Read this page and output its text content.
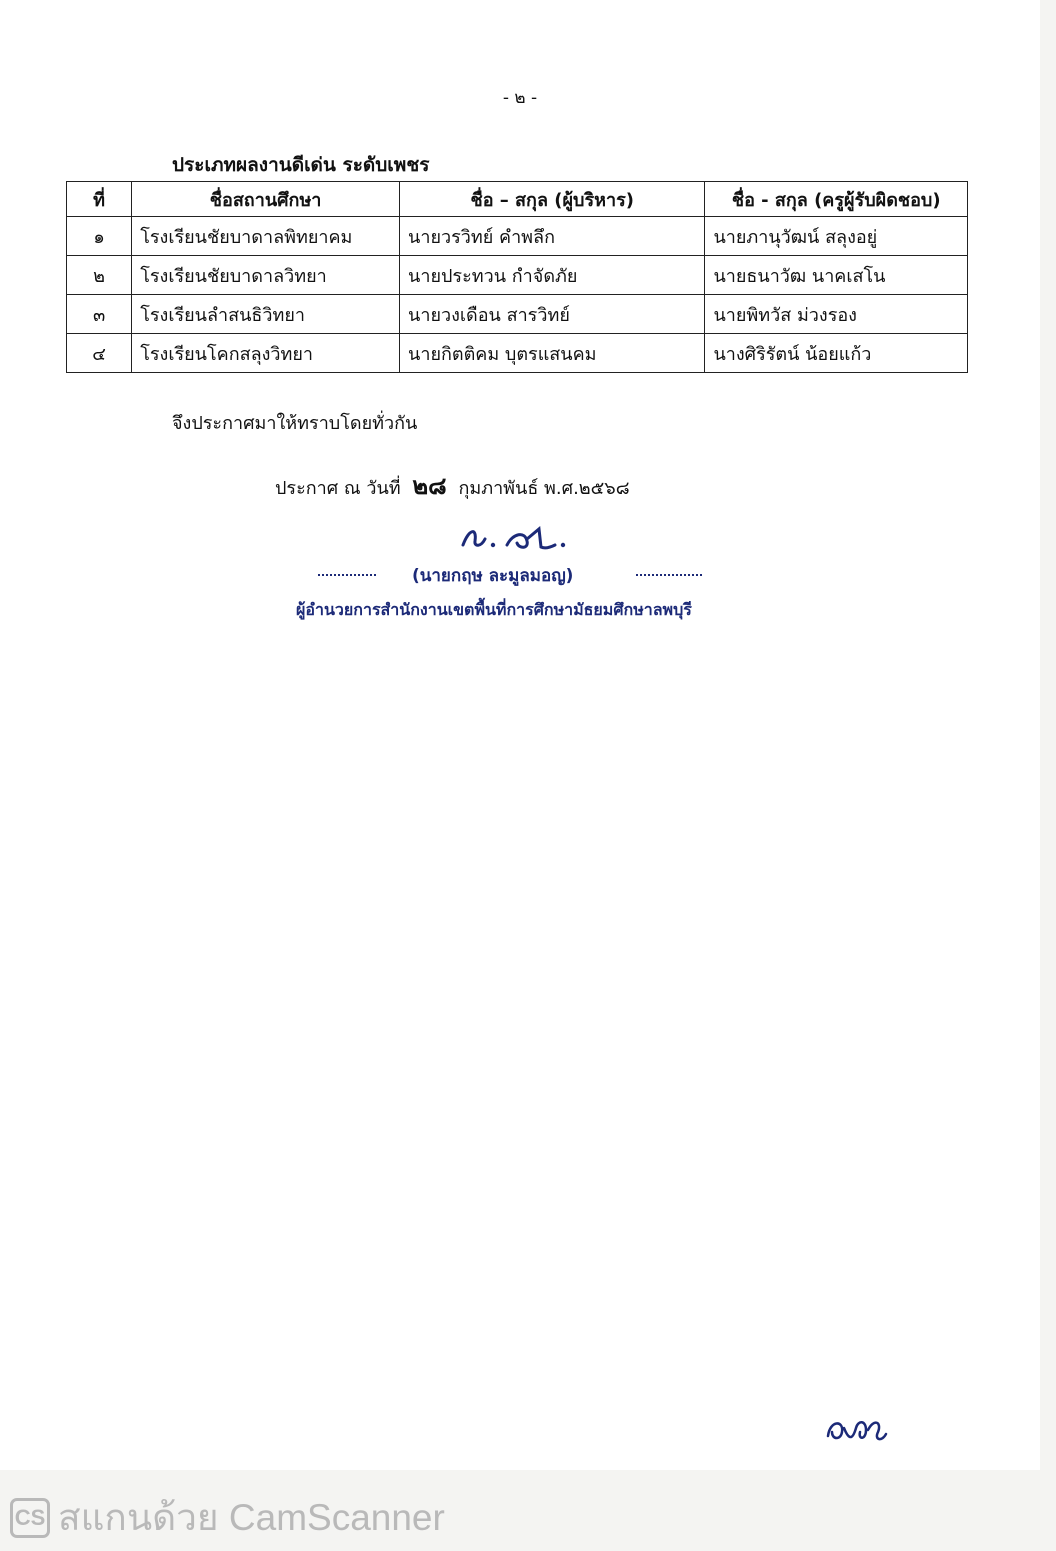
- ๒ -
ประเภทผลงานดีเด่น ระดับเพชร
ที่	ชื่อสถานศึกษา	ชื่อ – สกุล (ผู้บริหาร)	ชื่อ - สกุล (ครูผู้รับผิดชอบ)
๑	โรงเรียนชัยบาดาลพิทยาคม	นายวรวิทย์ คำพลึก	นายภานุวัฒน์ สลุงอยู่
๒	โรงเรียนชัยบาดาลวิทยา	นายประทวน กำจัดภัย	นายธนาวัฒ นาคเสโน
๓	โรงเรียนลำสนธิวิทยา	นายวงเดือน สารวิทย์	นายพิทวัส ม่วงรอง
๔	โรงเรียนโคกสลุงวิทยา	นายกิตติคม บุตรแสนคม	นางศิริรัตน์ น้อยแก้ว
จึงประกาศมาให้ทราบโดยทั่วกัน
ประกาศ ณ วันที่ ๒๘ กุมภาพันธ์ พ.ศ.๒๕๖๘
(นายกฤษ ละมูลมอญ)
ผู้อำนวยการสำนักงานเขตพื้นที่การศึกษามัธยมศึกษาลพบุรี
CS สแกนด้วย CamScanner
